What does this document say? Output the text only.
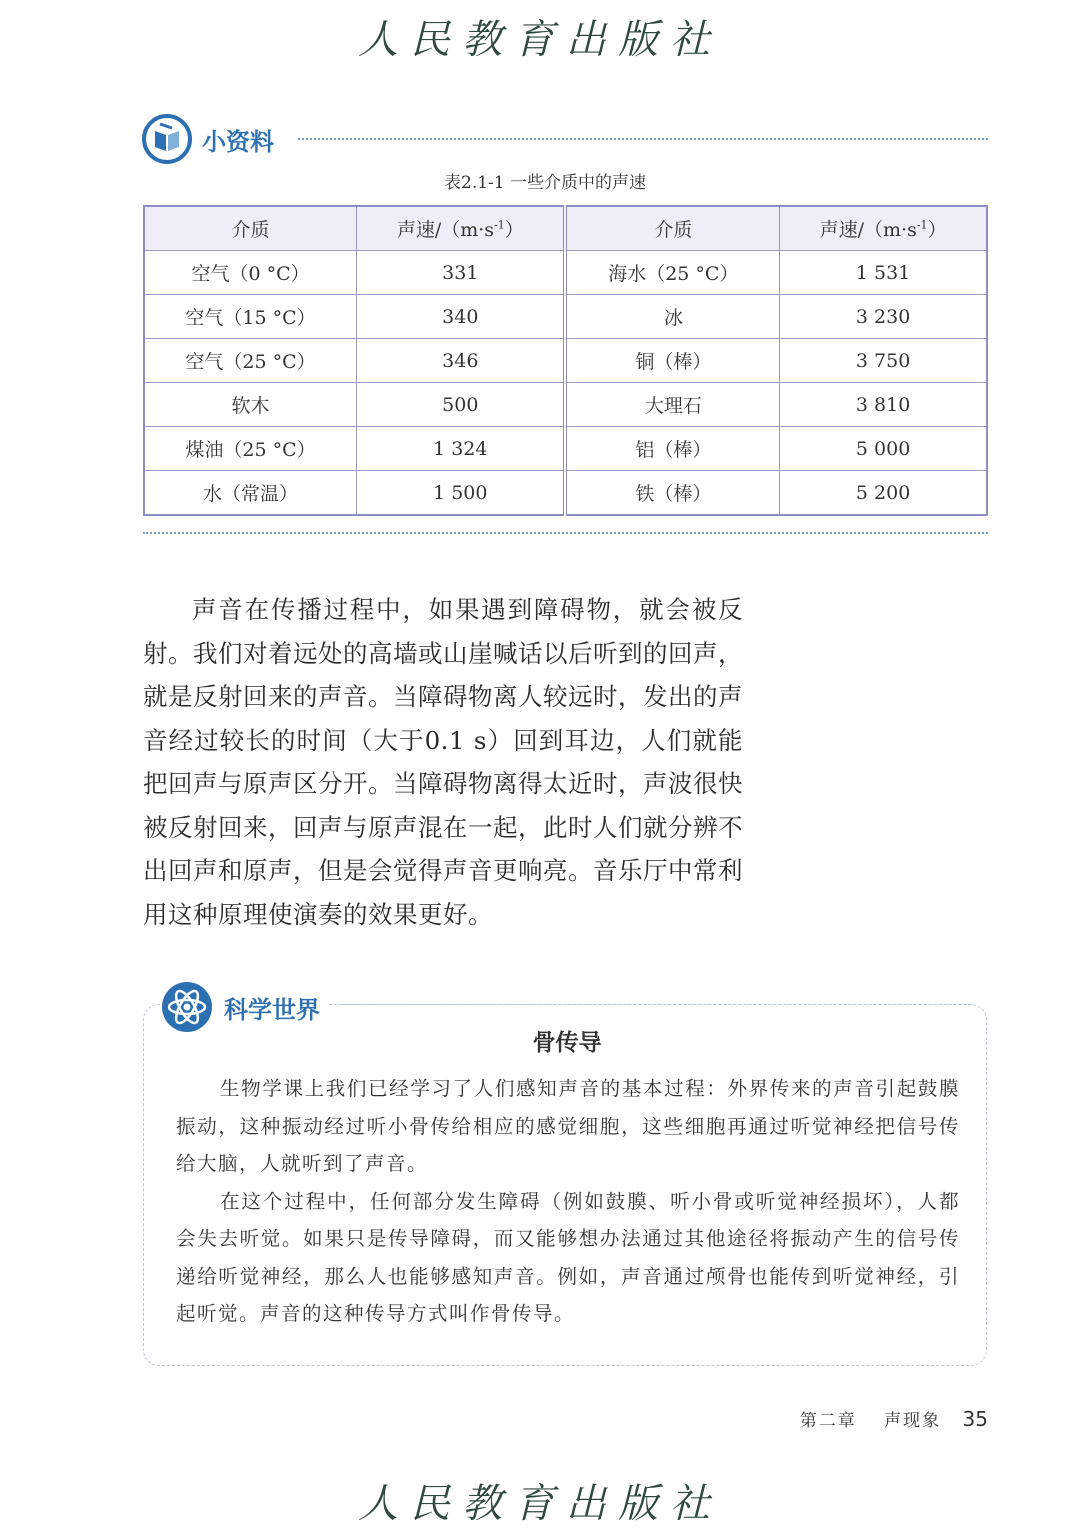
人民教育出版社
小资料
表2.1-1 一些介质中的声速
介质	声速$/(m\cdot s^{-1})$	介质	声速$/(m\cdot s^{-1})$
空气（0 °C）	331	海水（25 °C）	1 531
空气（15 °C）	340	冰	3 230
空气（25 °C）	346	铜（棒）	3 750
软木	500	大理石	3 810
煤油（25 °C）	1 324	铝（棒）	5 000
水（常温）	1 500	铁（棒）	5 200
声音在传播过程中，如果遇到障碍物，就会被反射。我们对着远处的高墙或山崖喊话以后听到的回声，就是反射回来的声音。当障碍物离人较远时，发出的声音经过较长的时间（大于0.1 s）回到耳边，人们就能把回声与原声区分开。当障碍物离得太近时，声波很快被反射回来，回声与原声混在一起，此时人们就分辨不出回声和原声，但是会觉得声音更响亮。音乐厅中常利用这种原理使演奏的效果更好。
科学世界
骨传导

生物学课上我们已经学习了人们感知声音的基本过程：外界传来的声音引起鼓膜振动，这种振动经过听小骨传给相应的感觉细胞，这些细胞再通过听觉神经把信号传给大脑，人就听到了声音。

在这个过程中，任何部分发生障碍（例如鼓膜、听小骨或听觉神经损坏），人都会失去听觉。如果只是传导障碍，而又能够想办法通过其他途径将振动产生的信号传递给听觉神经，那么人也能够感知声音。例如，声音通过颅骨也能传到听觉神经，引起听觉。声音的这种传导方式叫作骨传导。

第二章 声现象 35
人民教育出版社
